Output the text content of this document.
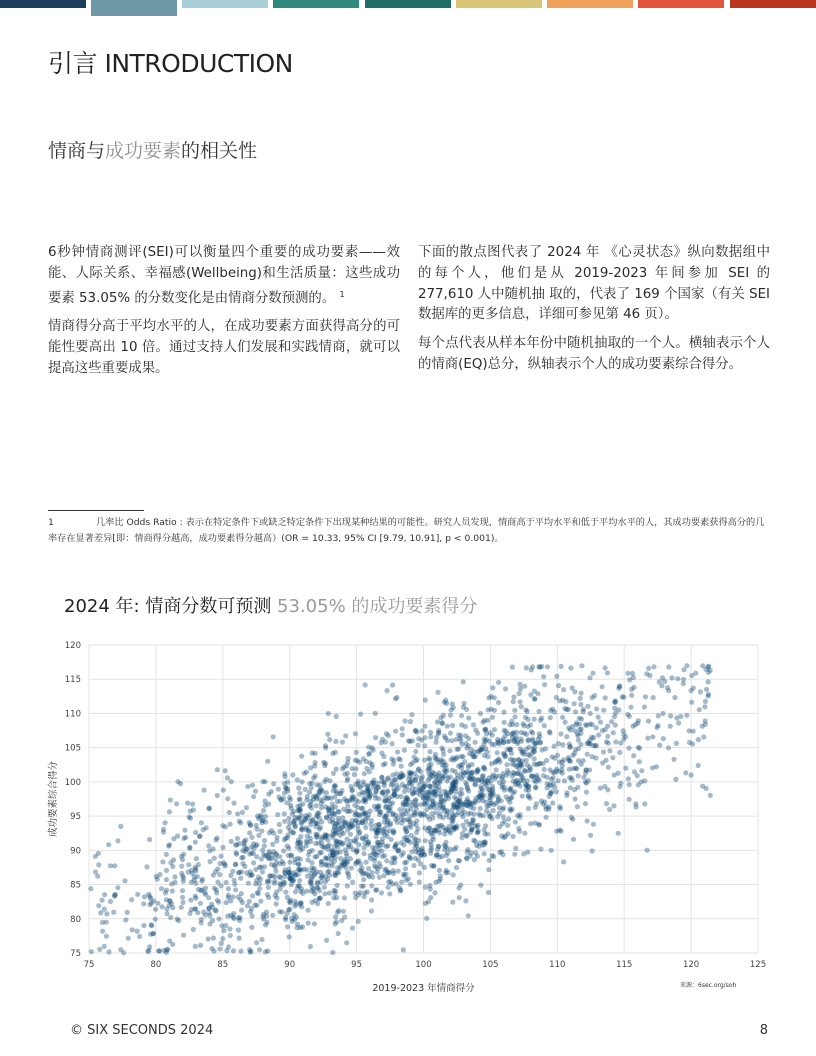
引言 INTRODUCTION
情商与成功要素的相关性

6秒钟情商测评(SEI)可以衡量四个重要的成功要素——效能、人际关系、幸福感(Wellbeing)和生活质量：这些成功要素 53.05% 的分数变化是由情商分数预测的。 $^1$

情商得分高于平均水平的人，在成功要素方面获得高分的可能性要高出 10 倍。通过支持人们发展和实践情商，就可以提高这些重要成果。

下面的散点图代表了 2024 年 《心灵状态》纵向数据组中的每个人，他们是从 2019-2023 年间参加 SEI 的 277,610 人中随机抽 取的，代表了 169 个国家（有关 SEI 数据库的更多信息，详细可参见第 46 页）。

每个点代表从样本年份中随机抽取的一个人。横轴表示个人的情商(EQ)总分，纵轴表示个人的成功要素综合得分。

1	几率比 Odds Ratio : 表示在特定条件下或缺乏特定条件下出现某种结果的可能性。研究人员发现，情商高于平均水平和低于平均水平的人，其成功要素获得高分的几率存在显著差异[即：情商得分越高，成功要素得分越高）(OR = 10.33, 95% CI [9.79, 10.91], p < 0.001)。
2024 年: 情商分数可预测 53.05% 的成功要素得分
75	80	85	90	95	100	105	110	115	120	125
75
80
85
90
95
100
105
110
115
120
2019-2023 年情商得分
成功要素综合得分
来源：6sec.org/soh
© SIX SECONDS 2024	8
